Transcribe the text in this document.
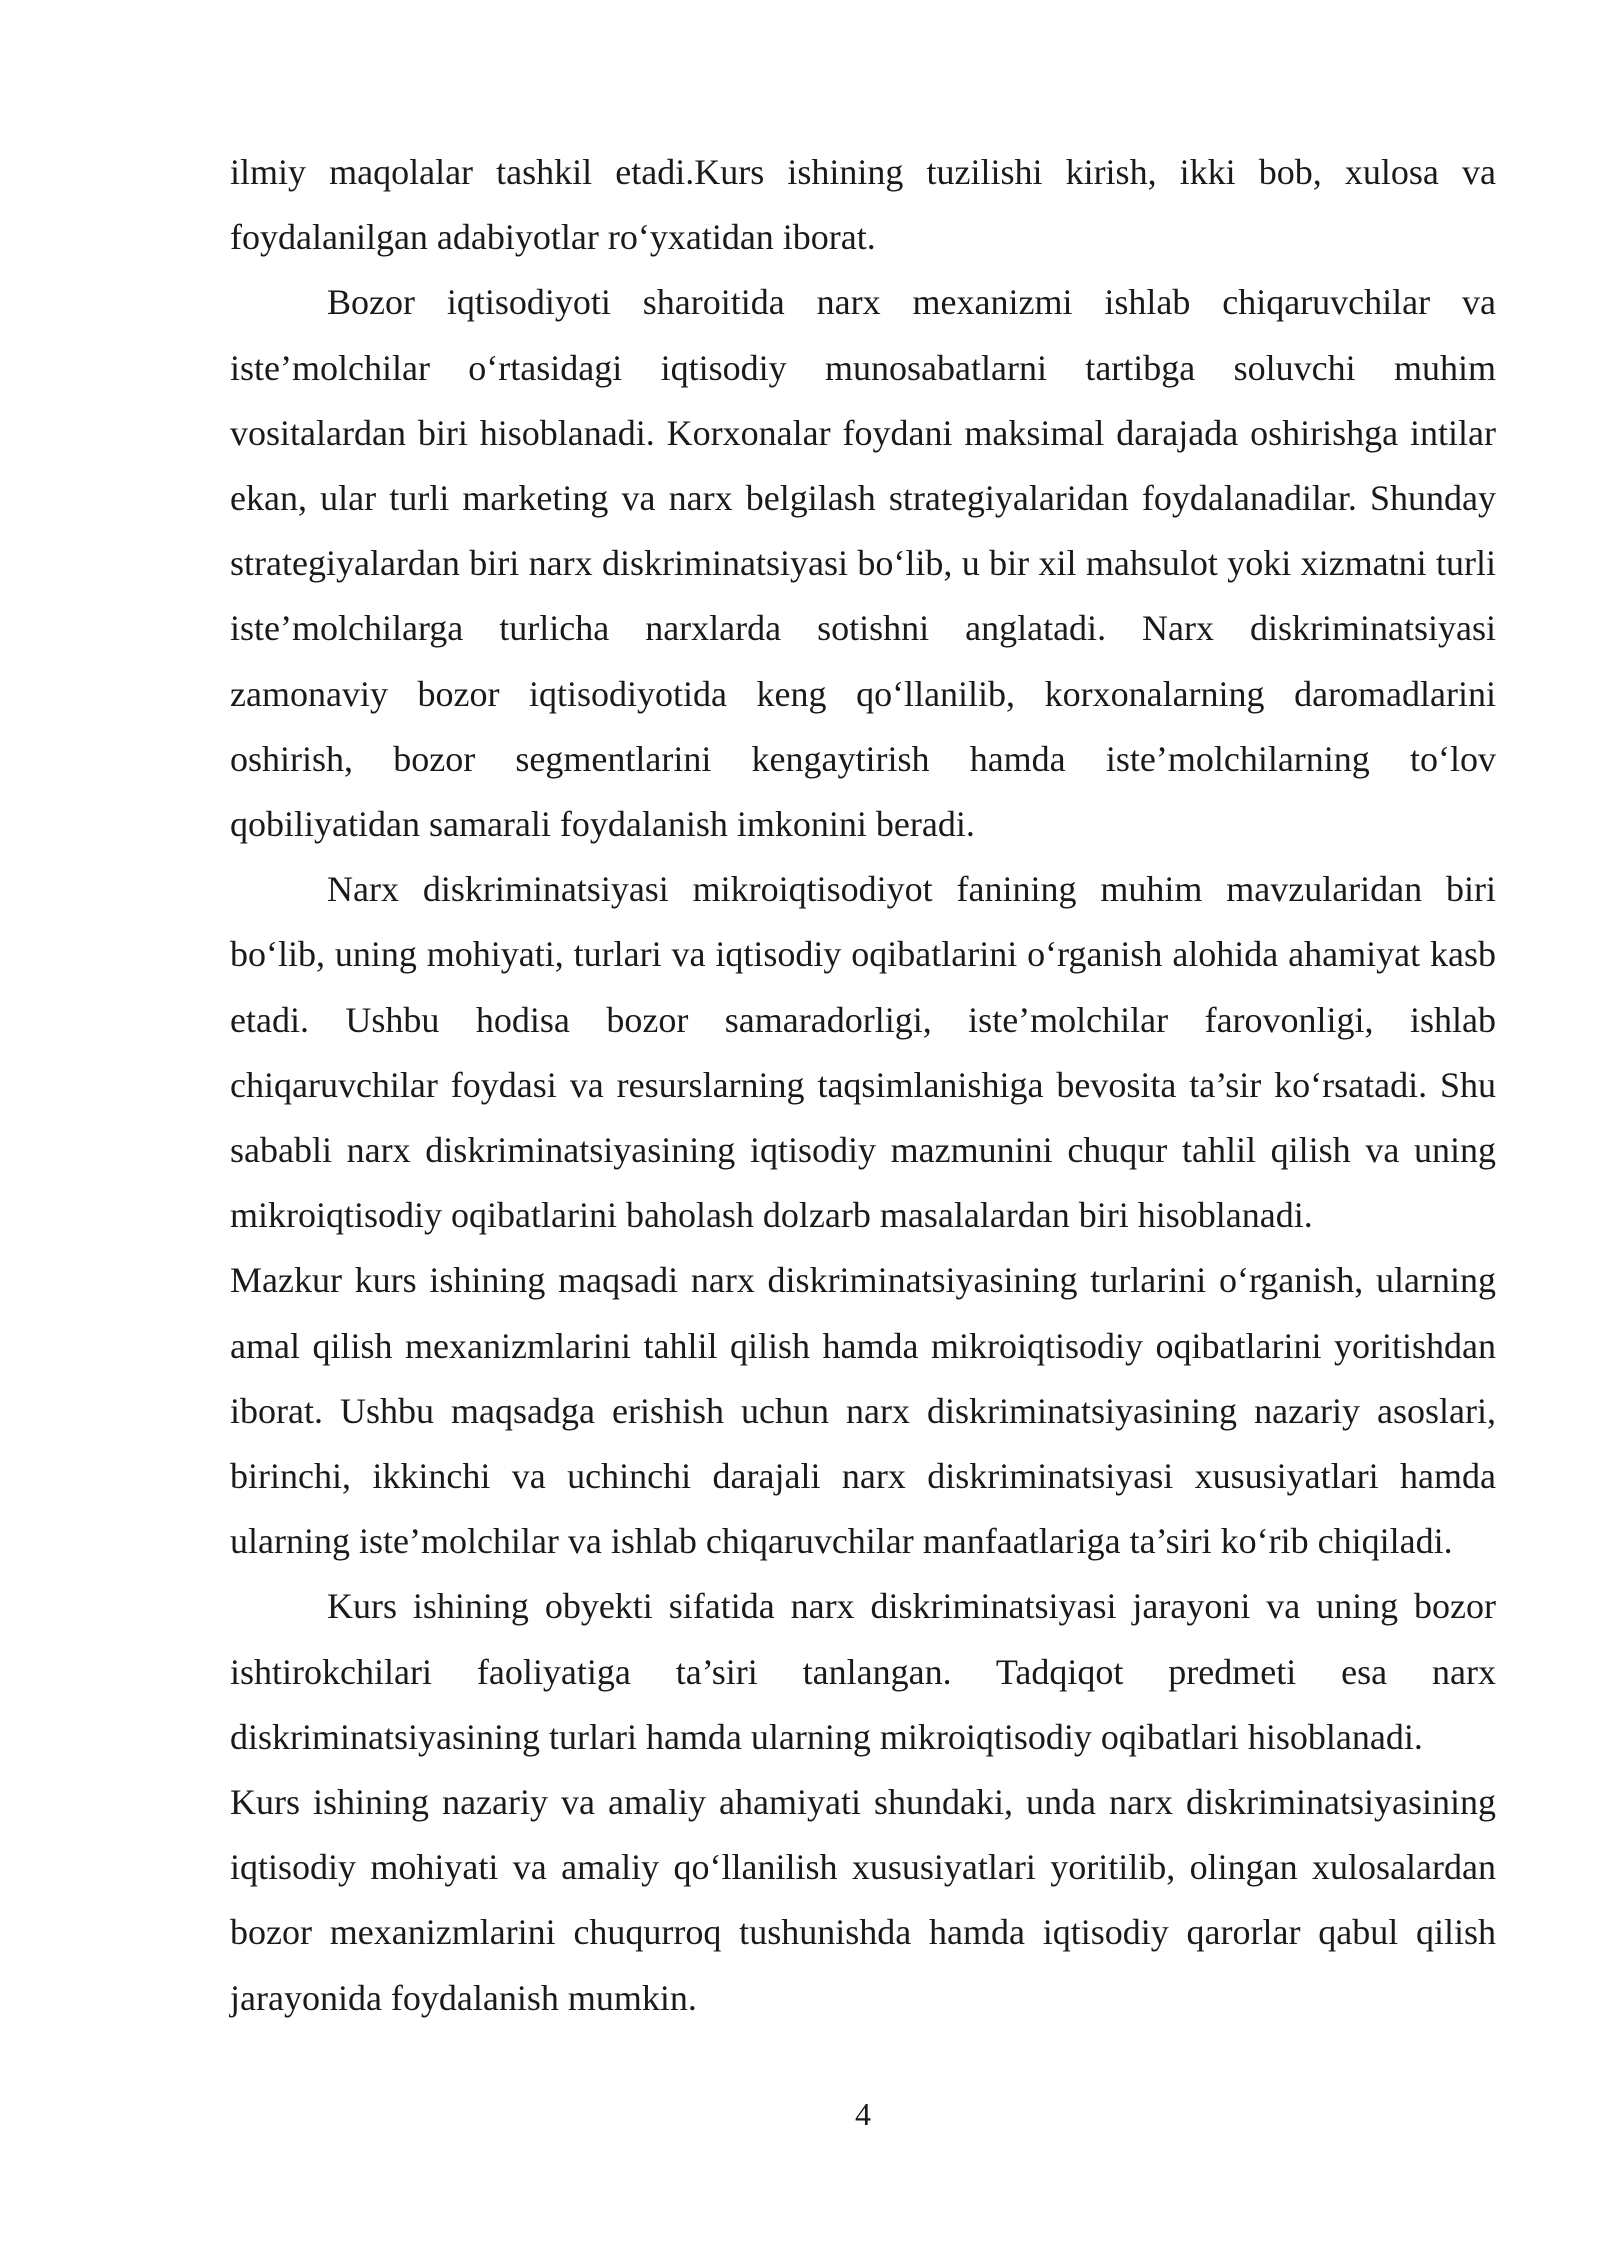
ilmiy maqolalar tashkil etadi.Kurs ishining tuzilishi kirish, ikki bob, xulosa va foydalanilgan adabiyotlar ro‘yxatidan iborat.

Bozor iqtisodiyoti sharoitida narx mexanizmi ishlab chiqaruvchilar va iste’molchilar o‘rtasidagi iqtisodiy munosabatlarni tartibga soluvchi muhim vositalardan biri hisoblanadi. Korxonalar foydani maksimal darajada oshirishga intilar ekan, ular turli marketing va narx belgilash strategiyalaridan foydalanadilar. Shunday strategiyalardan biri narx diskriminatsiyasi bo‘lib, u bir xil mahsulot yoki xizmatni turli iste’molchilarga turlicha narxlarda sotishni anglatadi. Narx diskriminatsiyasi zamonaviy bozor iqtisodiyotida keng qo‘llanilib, korxonalarning daromadlarini oshirish, bozor segmentlarini kengaytirish hamda iste’molchilarning to‘lov qobiliyatidan samarali foydalanish imkonini beradi.

Narx diskriminatsiyasi mikroiqtisodiyot fanining muhim mavzularidan biri bo‘lib, uning mohiyati, turlari va iqtisodiy oqibatlarini o‘rganish alohida ahamiyat kasb etadi. Ushbu hodisa bozor samaradorligi, iste’molchilar farovonligi, ishlab chiqaruvchilar foydasi va resurslarning taqsimlanishiga bevosita ta’sir ko‘rsatadi. Shu sababli narx diskriminatsiyasining iqtisodiy mazmunini chuqur tahlil qilish va uning mikroiqtisodiy oqibatlarini baholash dolzarb masalalardan biri hisoblanadi.

Mazkur kurs ishining maqsadi narx diskriminatsiyasining turlarini o‘rganish, ularning amal qilish mexanizmlarini tahlil qilish hamda mikroiqtisodiy oqibatlarini yoritishdan iborat. Ushbu maqsadga erishish uchun narx diskriminatsiyasining nazariy asoslari, birinchi, ikkinchi va uchinchi darajali narx diskriminatsiyasi xususiyatlari hamda ularning iste’molchilar va ishlab chiqaruvchilar manfaatlariga ta’siri ko‘rib chiqiladi.

Kurs ishining obyekti sifatida narx diskriminatsiyasi jarayoni va uning bozor ishtirokchilari faoliyatiga ta’siri tanlangan. Tadqiqot predmeti esa narx diskriminatsiyasining turlari hamda ularning mikroiqtisodiy oqibatlari hisoblanadi.

Kurs ishining nazariy va amaliy ahamiyati shundaki, unda narx diskriminatsiyasining iqtisodiy mohiyati va amaliy qo‘llanilish xususiyatlari yoritilib, olingan xulosalardan bozor mexanizmlarini chuqurroq tushunishda hamda iqtisodiy qarorlar qabul qilish jarayonida foydalanish mumkin.

4
